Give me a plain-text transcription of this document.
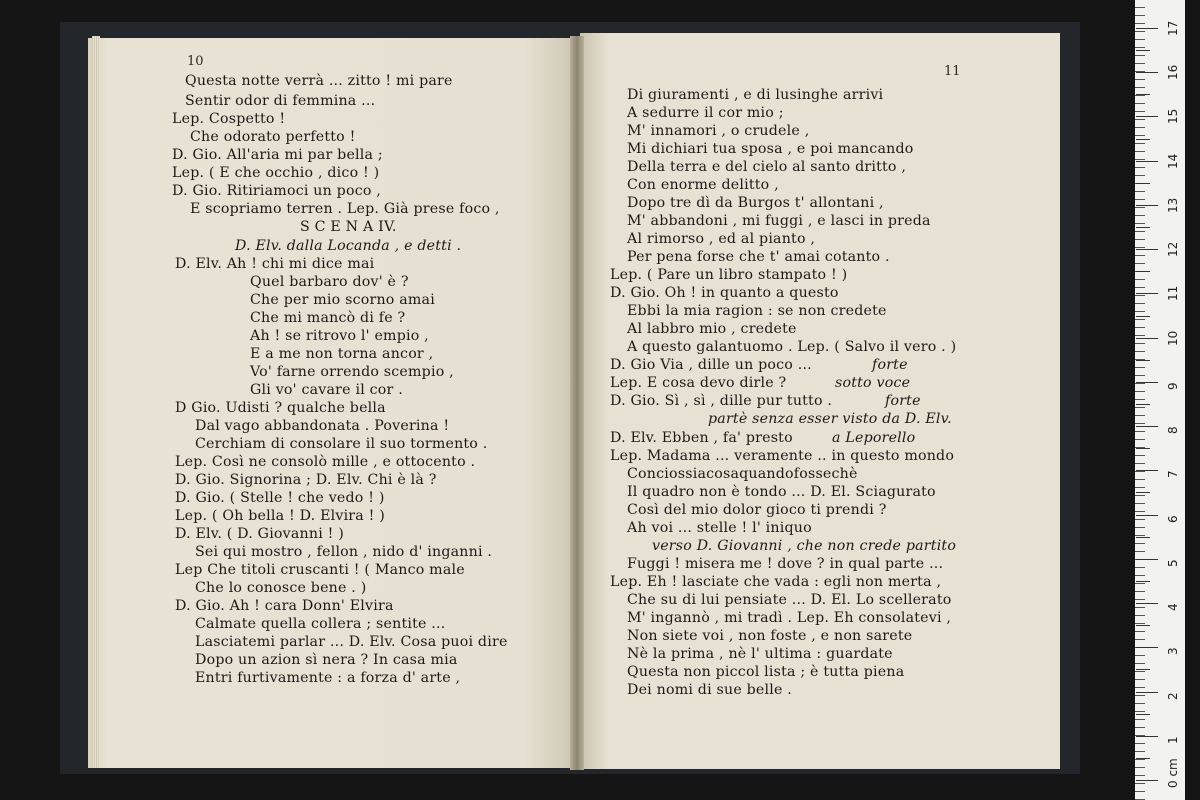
10
11
Questa notte verrà ... zitto ! mi pare
Sentir odor di femmina ...
Lep. Cospetto !
Che odorato perfetto !
D. Gio. All'aria mi par bella ;
Lep. ( E che occhio , dico ! )
D. Gio. Ritiriamoci un poco ,
E scopriamo terren . Lep. Già prese foco ,
S C E N A IV.
D. Elv. dalla Locanda , e detti .
D. Elv. Ah ! chi mi dice mai
Quel barbaro dov' è ?
Che per mio scorno amai
Che mi mancò di fe ?
Ah ! se ritrovo l' empio ,
E a me non torna ancor ,
Vo' farne orrendo scempio ,
Gli vo' cavare il cor .
D Gio. Udisti ? qualche bella
Dal vago abbandonata . Poverina !
Cerchiam di consolare il suo tormento .
Lep. Così ne consolò mille , e ottocento .
D. Gio. Signorina ; D. Elv. Chi è là ?
D. Gio. ( Stelle ! che vedo ! )
Lep. ( Oh bella ! D. Elvira ! )
D. Elv. ( D. Giovanni ! )
Sei qui mostro , fellon , nido d' inganni .
Lep Che titoli cruscanti ! ( Manco male
Che lo conosce bene . )
D. Gio. Ah ! cara Donn' Elvira
Calmate quella collera ; sentite ...
Lasciatemi parlar ... D. Elv. Cosa puoi dire
Dopo un azion sì nera ? In casa mia
Entri furtivamente : a forza d' arte ,
Di giuramenti , e di lusinghe arrivi
A sedurre il cor mio ;
M' innamori , o crudele ,
Mi dichiari tua sposa , e poi mancando
Della terra e del cielo al santo dritto ,
Con enorme delitto ,
Dopo tre dì da Burgos t' allontani ,
M' abbandoni , mi fuggi , e lasci in preda
Al rimorso , ed al pianto ,
Per pena forse che t' amai cotanto .
Lep. ( Pare un libro stampato ! )
D. Gio. Oh ! in quanto a questo
Ebbi la mia ragion : se non credete
Al labbro mio , credete
A questo galantuomo . Lep. ( Salvo il vero . )
D. Gio Via , dille un poco ...	forte
Lep. E cosa devo dirle ?	sotto voce
D. Gio. Sì , sì , dille pur tutto .	forte
partè senza esser visto da D. Elv.
D. Elv. Ebben , fa' presto	a Leporello
Lep. Madama ... veramente .. in questo mondo
Conciossiacosaquandofossechè
Il quadro non è tondo ... D. El. Sciagurato
Così del mio dolor gioco ti prendi ?
Ah voi ... stelle ! l' iniquo
verso D. Giovanni , che non crede partito
Fuggi ! misera me ! dove ? in qual parte ...
Lep. Eh ! lasciate che vada : egli non merta ,
Che su di lui pensiate ... D. El. Lo scellerato
M' ingannò , mi tradì . Lep. Eh consolatevi ,
Non siete voi , non foste , e non sarete
Nè la prima , nè l' ultima : guardate
Questa non piccol lista ; è tutta piena
Dei nomi di sue belle .
17
16
15
14
13
12
11
10
9
8
7
6
5
4
3
2
1
0 cm
